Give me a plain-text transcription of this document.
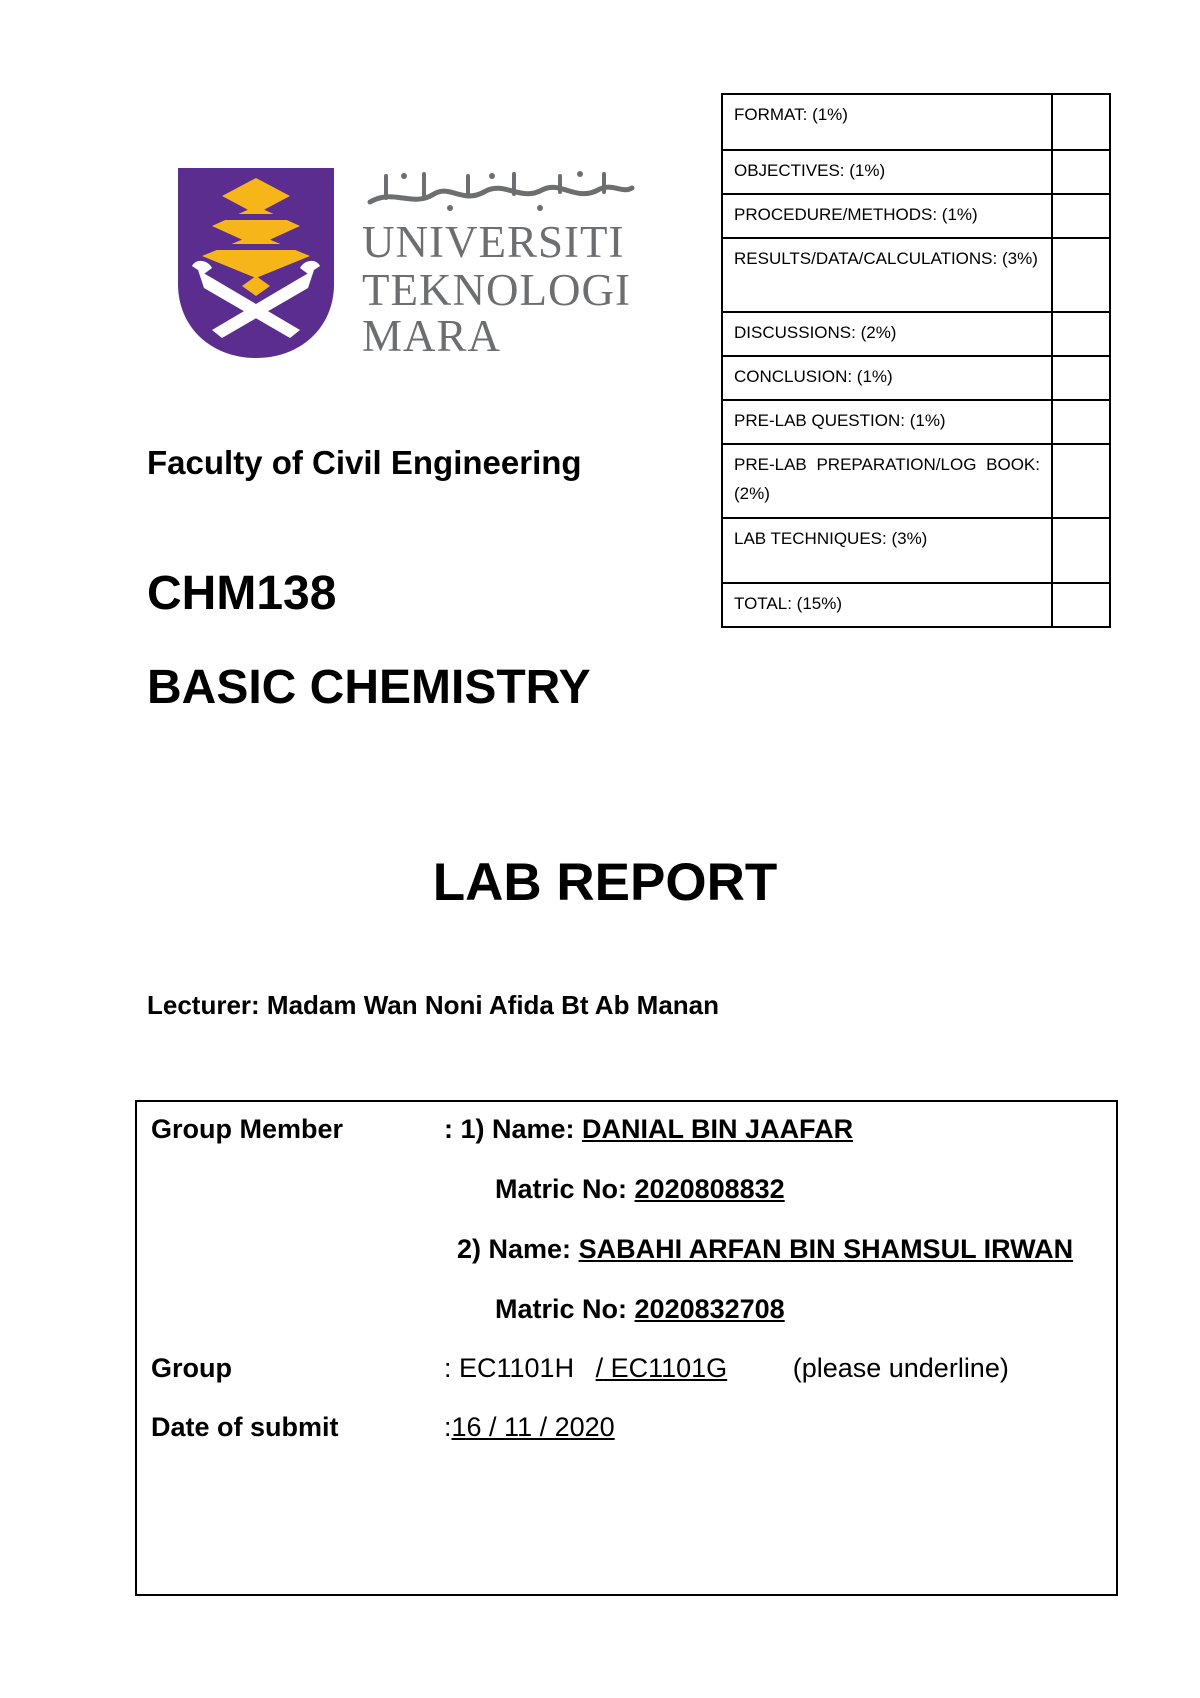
UNIVERSITI
TEKNOLOGI
MARA
FORMAT: (1%)	
OBJECTIVES: (1%)	
PROCEDURE/METHODS: (1%)	
RESULTS/DATA/CALCULATIONS: (3%)	
DISCUSSIONS: (2%)	
CONCLUSION: (1%)	
PRE-LAB QUESTION: (1%)	
PRE-LAB PREPARATION/LOG BOOK: (2%)	
LAB TECHNIQUES: (3%)	
TOTAL: (15%)	
Faculty of Civil Engineering
CHM138
BASIC CHEMISTRY
LAB REPORT
Lecturer: Madam Wan Noni Afida Bt Ab Manan
Group Member	: 1) Name: DANIAL BIN JAAFAR
Matric No: 2020808832
2) Name: SABAHI ARFAN BIN SHAMSUL IRWAN
Matric No: 2020832708
Group	: EC1101H / EC1101G (please underline)
Date of submit	:16 / 11 / 2020
